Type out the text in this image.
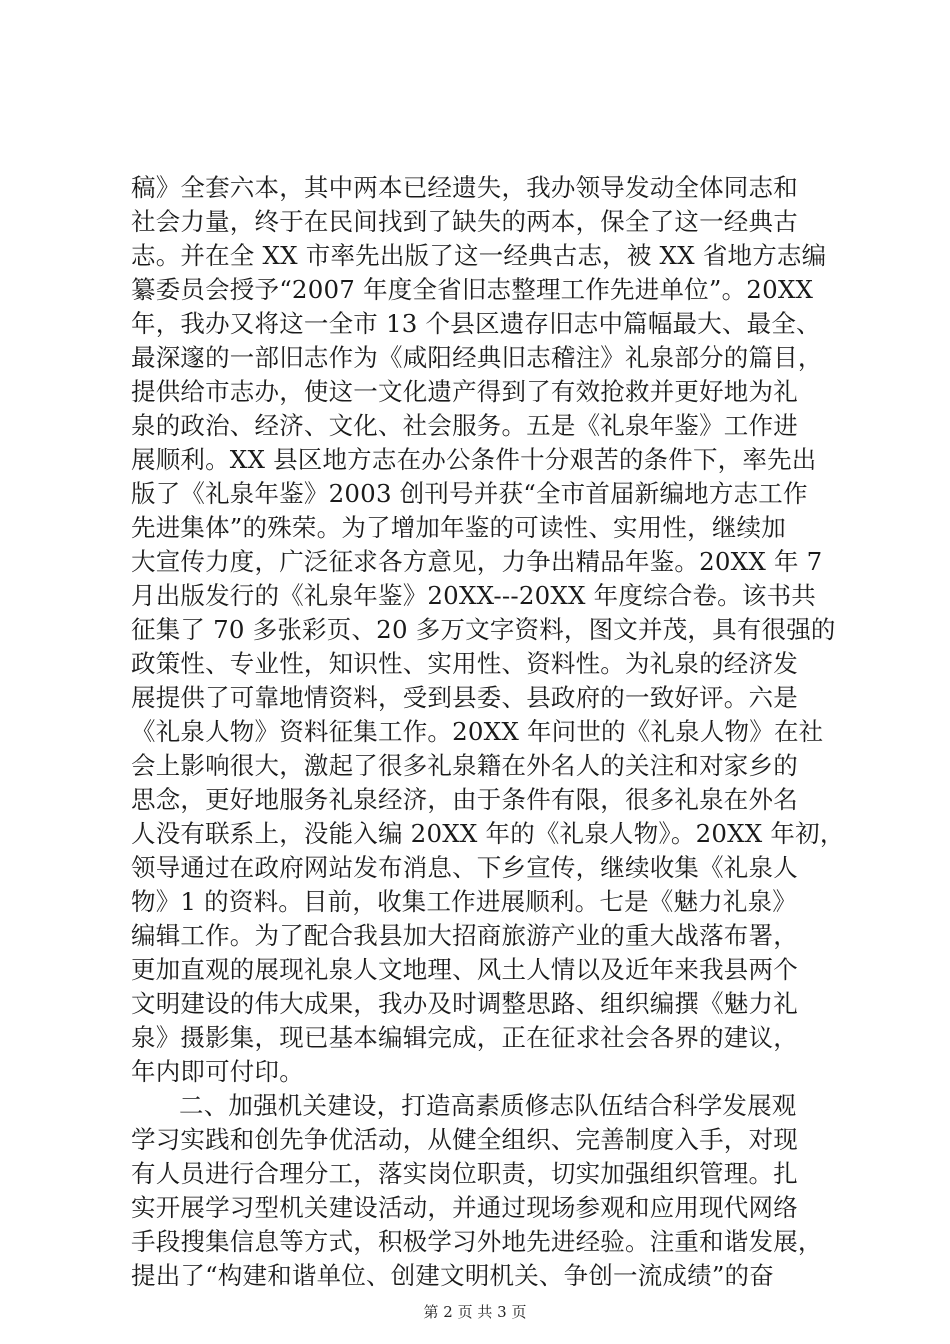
稿》全套六本，其中两本已经遗失，我办领导发动全体同志和
社会力量，终于在民间找到了缺失的两本，保全了这一经典古
志。并在全 XX 市率先出版了这一经典古志，被 XX 省地方志编
纂委员会授予“2007 年度全省旧志整理工作先进单位”。20XX
年，我办又将这一全市 13 个县区遗存旧志中篇幅最大、最全、
最深邃的一部旧志作为《咸阳经典旧志稽注》礼泉部分的篇目，
提供给市志办，使这一文化遗产得到了有效抢救并更好地为礼
泉的政治、经济、文化、社会服务。五是《礼泉年鉴》工作进
展顺利。XX 县区地方志在办公条件十分艰苦的条件下，率先出
版了《礼泉年鉴》2003 创刊号并获“全市首届新编地方志工作
先进集体”的殊荣。为了增加年鉴的可读性、实用性，继续加
大宣传力度，广泛征求各方意见，力争出精品年鉴。20XX 年 7
月出版发行的《礼泉年鉴》20XX---20XX 年度综合卷。该书共
征集了 70 多张彩页、20 多万文字资料，图文并茂，具有很强的
政策性、专业性，知识性、实用性、资料性。为礼泉的经济发
展提供了可靠地情资料，受到县委、县政府的一致好评。六是
《礼泉人物》资料征集工作。20XX 年问世的《礼泉人物》在社
会上影响很大，激起了很多礼泉籍在外名人的关注和对家乡的
思念，更好地服务礼泉经济，由于条件有限，很多礼泉在外名
人没有联系上，没能入编 20XX 年的《礼泉人物》。20XX 年初，
领导通过在政府网站发布消息、下乡宣传，继续收集《礼泉人
物》1 的资料。目前，收集工作进展顺利。七是《魅力礼泉》
编辑工作。为了配合我县加大招商旅游产业的重大战落布署，
更加直观的展现礼泉人文地理、风土人情以及近年来我县两个
文明建设的伟大成果，我办及时调整思路、组织编撰《魅力礼
泉》摄影集，现已基本编辑完成，正在征求社会各界的建议，
年内即可付印。
二、加强机关建设，打造高素质修志队伍结合科学发展观
学习实践和创先争优活动，从健全组织、完善制度入手，对现
有人员进行合理分工，落实岗位职责，切实加强组织管理。扎
实开展学习型机关建设活动，并通过现场参观和应用现代网络
手段搜集信息等方式，积极学习外地先进经验。注重和谐发展，
提出了“构建和谐单位、创建文明机关、争创一流成绩”的奋
第 2 页 共 3 页
